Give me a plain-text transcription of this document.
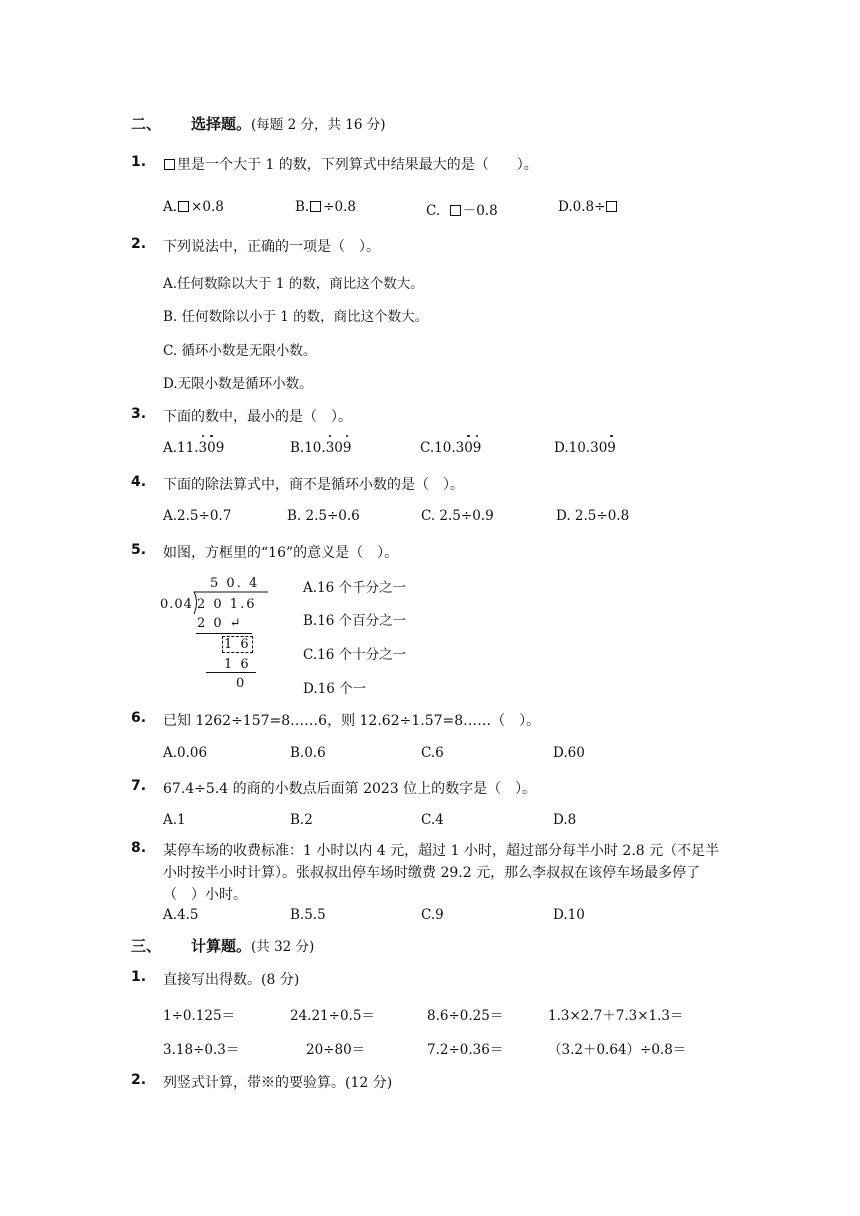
二、 选择题。(每题 2 分，共 16 分)
1.	里是一个大于 1 的数，下列算式中结果最大的是（　　）。
A. ×0.8	B. ÷0.8	C. －0.8	D.0.8÷
2. 下列说法中，正确的一项是（　）。
A.任何数除以大于 1 的数，商比这个数大。
B. 任何数除以小于 1 的数，商比这个数大。
C. 循环小数是无限小数。
D.无限小数是循环小数。
3. 下面的数中，最小的是（　）。
A.11.309	B.10.309	C.10.309	D.10.309
4. 下面的除法算式中，商不是循环小数的是（　）。
A.2.5÷0.7	B. 2.5÷0.6	C. 2.5÷0.9	D. 2.5÷0.8
5. 如图，方框里的“16”的意义是（　）。
5 0. 4
0.04 2 0 1.6
2 0 ↵
1 6
1 6
0
A.16 个千分之一
B.16 个百分之一
C.16 个十分之一
D.16 个一
6. 已知 1262÷157=8……6，则 12.62÷1.57=8……（　）。
A.0.06	B.0.6	C.6	D.60
7. 67.4÷5.4 的商的小数点后面第 2023 位上的数字是（　）。
A.1	B.2	C.4	D.8
8. 某停车场的收费标准：1 小时以内 4 元，超过 1 小时，超过部分每半小时 2.8 元（不足半小时按半小时计算）。张叔叔出停车场时缴费 29.2 元，那么李叔叔在该停车场最多停了（　）小时。
A.4.5	B.5.5	C.9	D.10
三、 计算题。(共 32 分)
1. 直接写出得数。(8 分)
1÷0.125＝	24.21÷0.5＝	8.6÷0.25＝	1.3×2.7＋7.3×1.3＝
3.18÷0.3＝	20÷80＝	7.2÷0.36＝	（3.2＋0.64）÷0.8＝
2. 列竖式计算，带※的要验算。(12 分)
